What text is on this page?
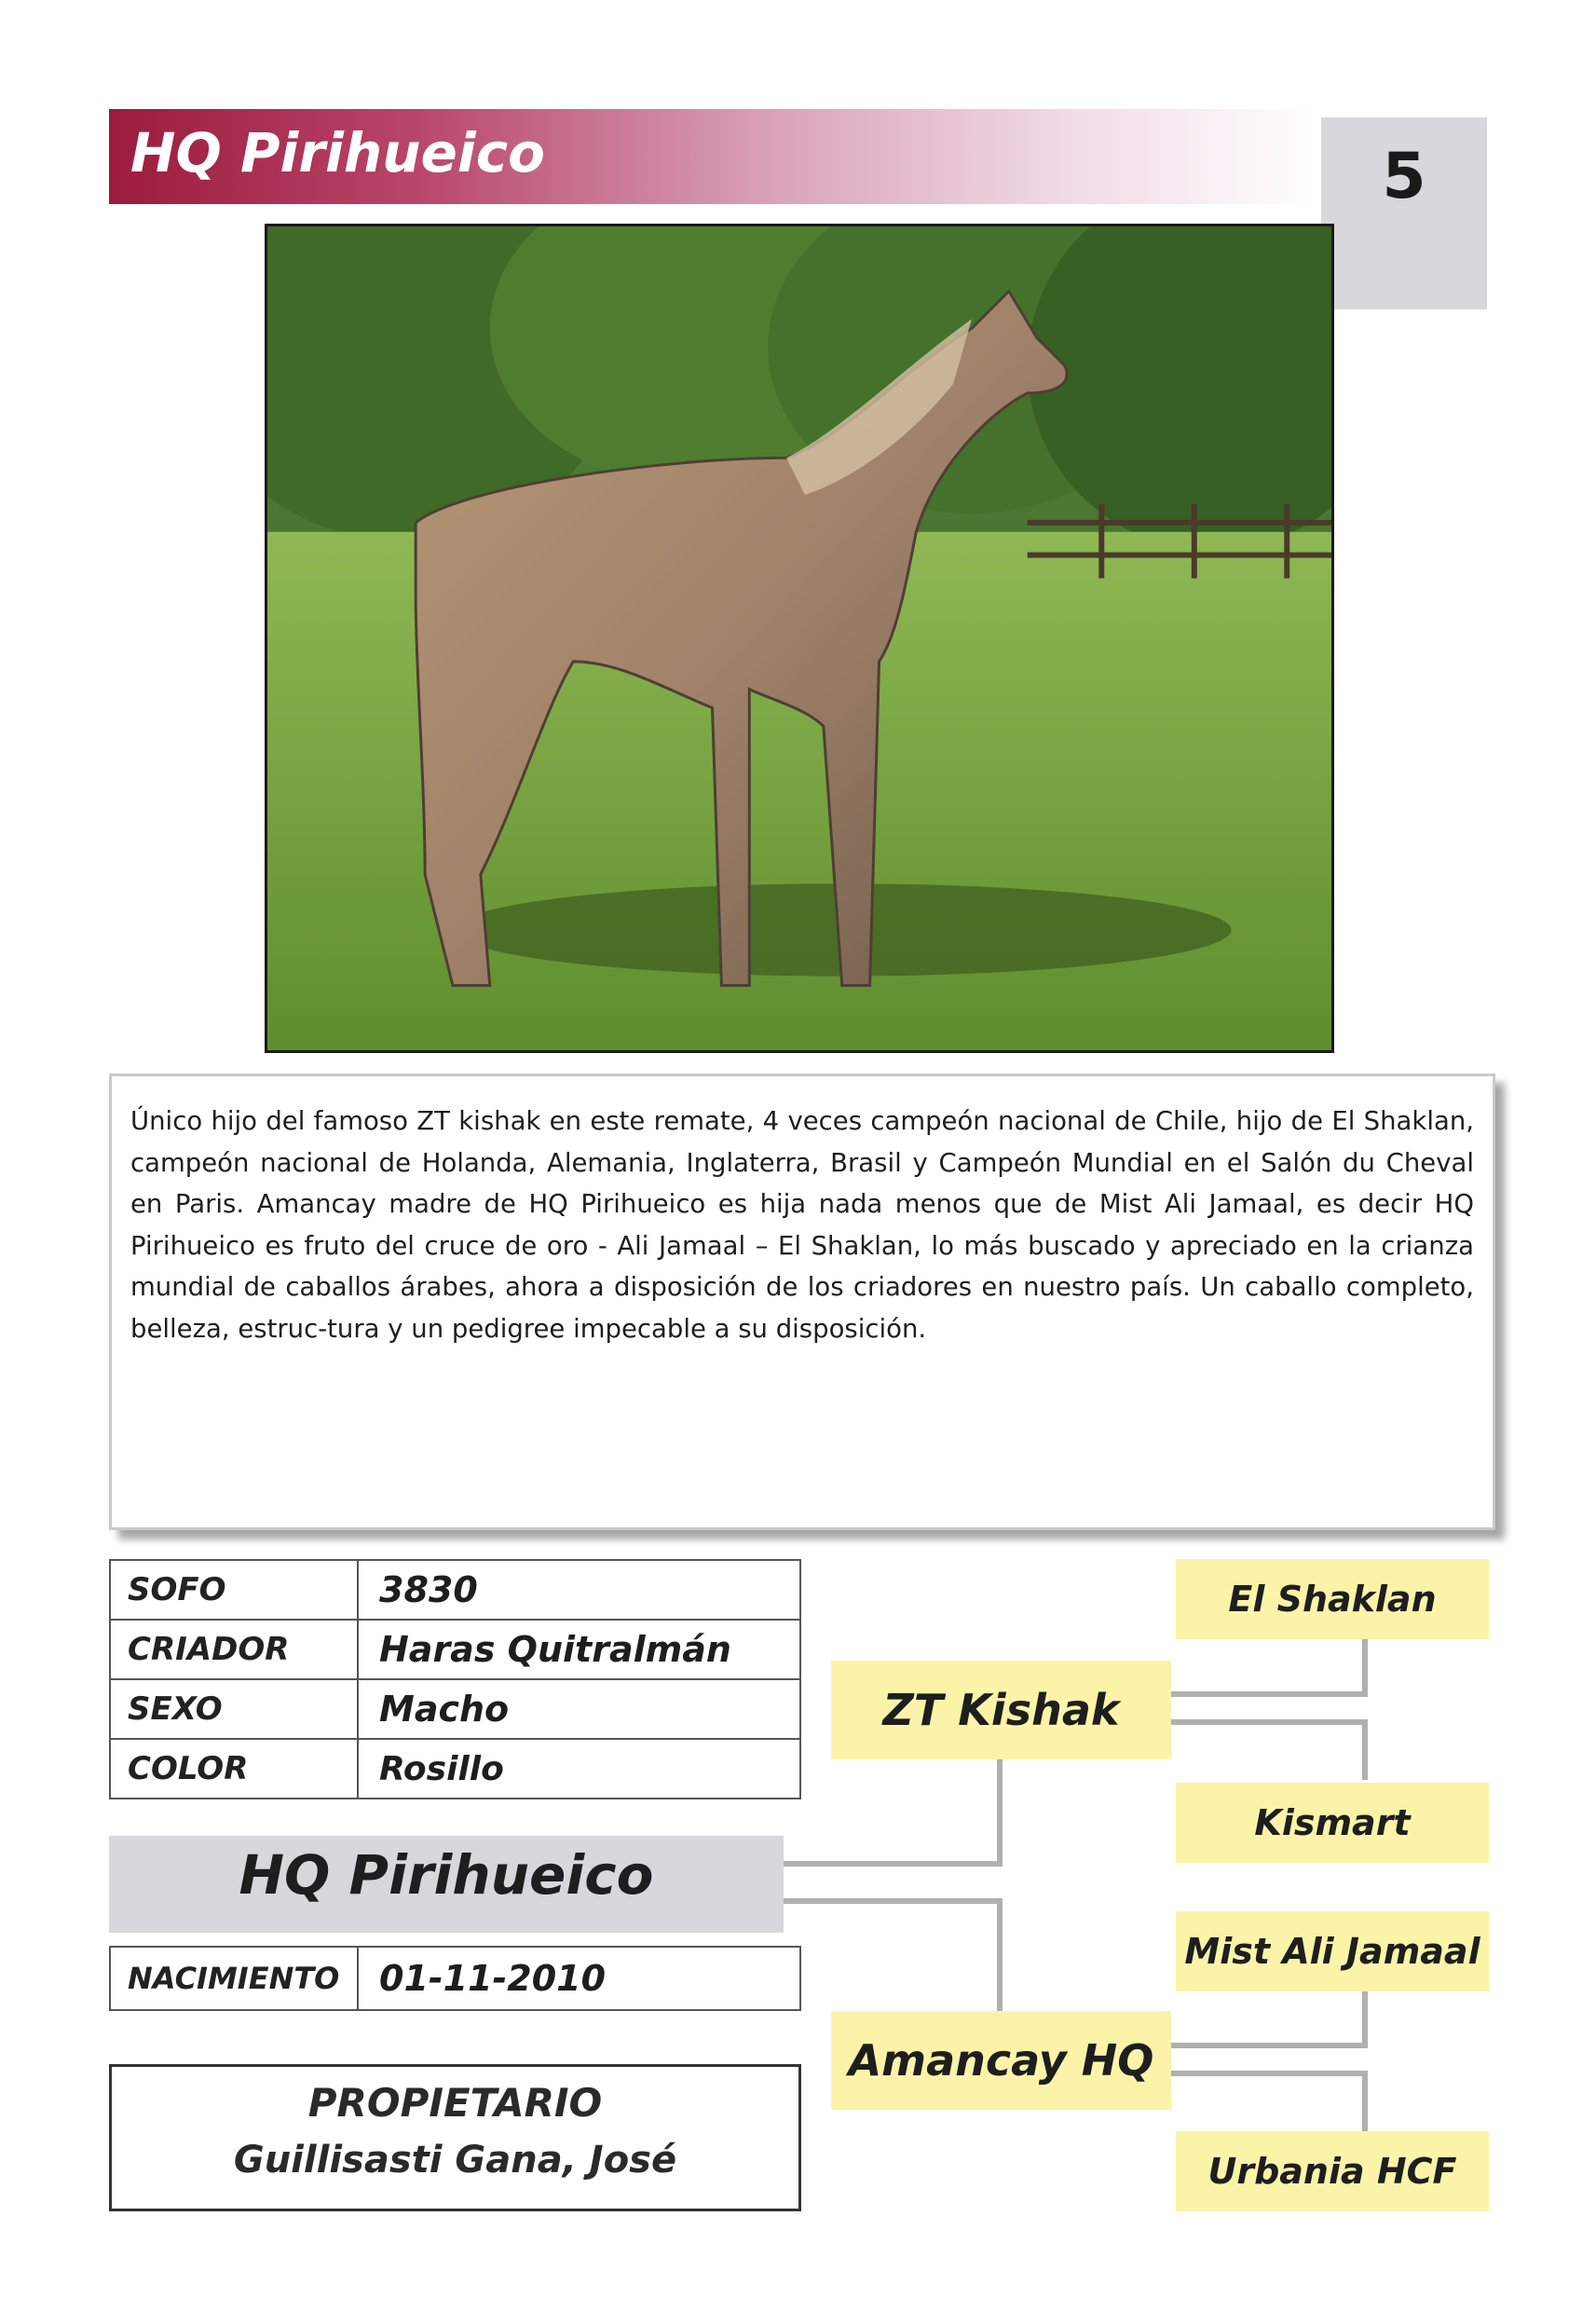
HQ Pirihueico	5

Único hijo del famoso ZT kishak en este remate, 4 veces campeón nacional de Chile, hijo de El Shaklan, campeón nacional de Holanda, Alemania, Inglaterra, Brasil y Campeón Mundial en el Salón du Cheval en Paris. Amancay madre de HQ Pirihueico es hija nada menos que de Mist Ali Jamaal, es decir HQ Pirihueico es fruto del cruce de oro - Ali Jamaal – El Shaklan, lo más buscado y apreciado en la crianza mundial de caballos árabes, ahora a disposición de los criadores en nuestro país. Un caballo completo, belleza, estruc-tura y un pedigree impecable a su disposición.

SOFO	3830
CRIADOR	Haras Quitralmán
SEXO	Macho
COLOR	Rosillo
HQ Pirihueico
NACIMIENTO	01-11-2010
PROPIETARIO
Guillisasti Gana, José
El Shaklan
ZT Kishak
Kismart
Mist Ali Jamaal
Amancay HQ
Urbania HCF
